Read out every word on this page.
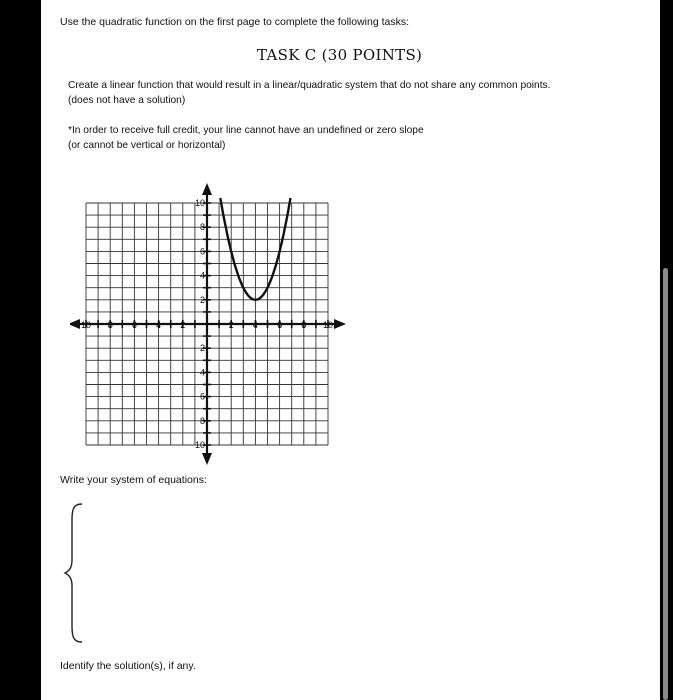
Use the quadratic function on the first page to complete the following tasks:
TASK C (30 POINTS)
Create a linear function that would result in a linear/quadratic system that do not share any common points.
(does not have a solution)
*In order to receive full credit, your line cannot have an undefined or zero slope
(or cannot be vertical or horizontal)
10 8 6 4 2	2 4 6 8 10
10
8
6
4
2
2
4
6
8
10
Write your system of equations:
Identify the solution(s), if any.
